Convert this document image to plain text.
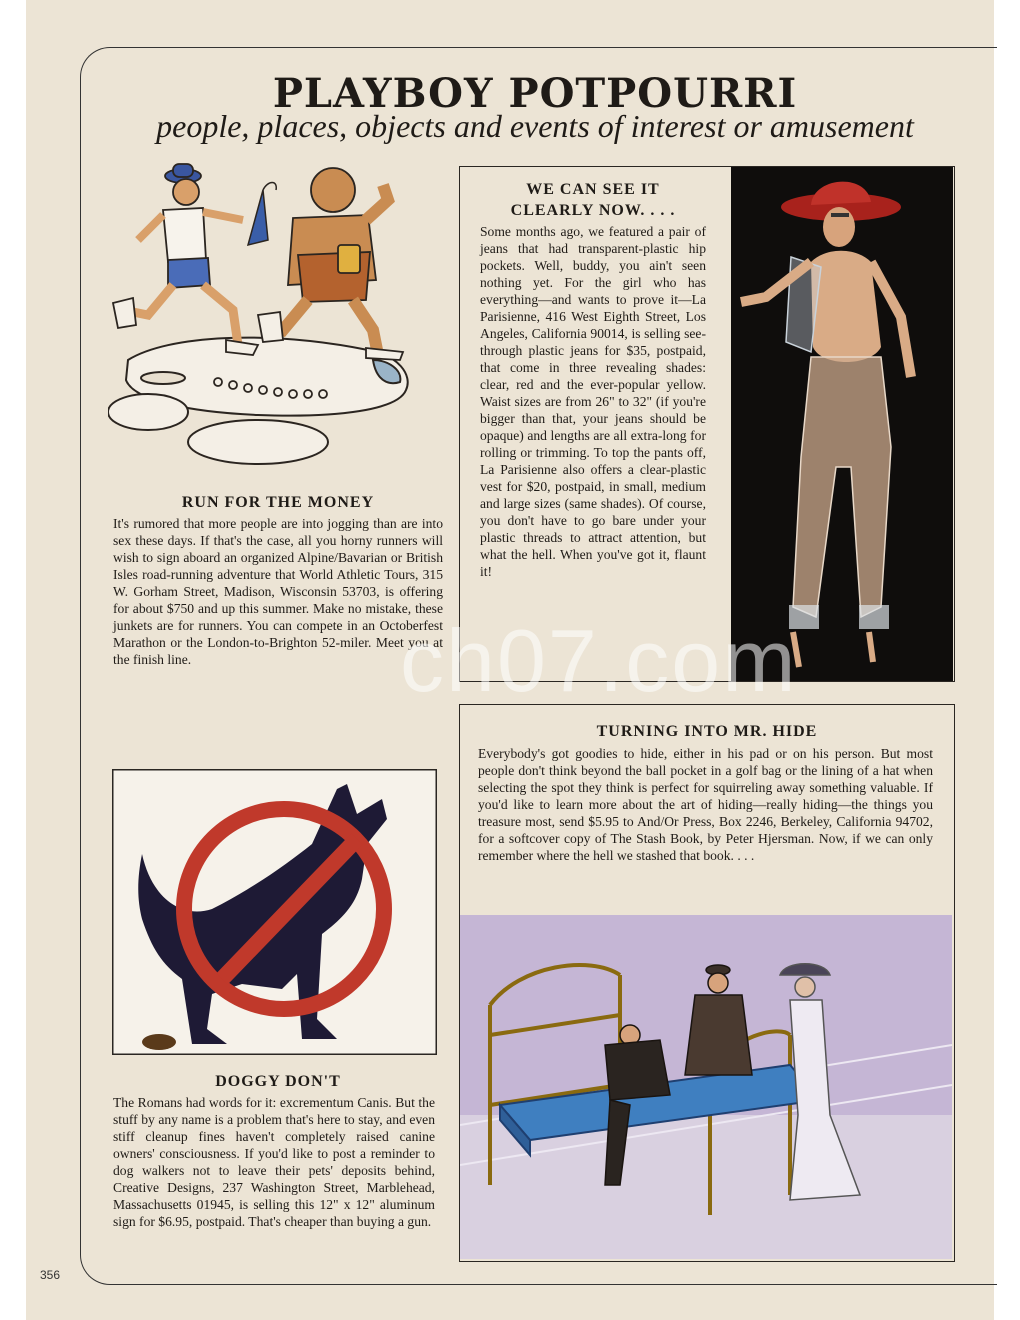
PLAYBOY POTPOURRI
people, places, objects and events of interest or amusement
RUN FOR THE MONEY
It's rumored that more people are into jogging than are into sex these days. If that's the case, all you horny runners will wish to sign aboard an organized Alpine/Bavarian or British Isles road-running adventure that World Athletic Tours, 315 W. Gorham Street, Madison, Wisconsin 53703, is offering for about $750 and up this summer. Make no mistake, these junkets are for runners. You can compete in an Octoberfest Marathon or the London-to-Brighton 52-miler. Meet you at the finish line.
WE CAN SEE IT
CLEARLY NOW. . . .
Some months ago, we featured a pair of jeans that had transparent-plastic hip pockets. Well, buddy, you ain't seen nothing yet. For the girl who has everything—and wants to prove it—La Parisienne, 416 West Eighth Street, Los Angeles, California 90014, is selling see-through plastic jeans for $35, postpaid, that come in three revealing shades: clear, red and the ever-popular yellow. Waist sizes are from 26" to 32" (if you're bigger than that, your jeans should be opaque) and lengths are all extra-long for rolling or trimming. To top the pants off, La Parisienne also offers a clear-plastic vest for $20, postpaid, in small, medium and large sizes (same shades). Of course, you don't have to go bare under your plastic threads to attract attention, but what the hell. When you've got it, flaunt it!
TURNING INTO MR. HIDE
Everybody's got goodies to hide, either in his pad or on his person. But most people don't think beyond the ball pocket in a golf bag or the lining of a hat when selecting the spot they think is perfect for squirreling away something valuable. If you'd like to learn more about the art of hiding—really hiding—the things you treasure most, send $5.95 to And/Or Press, Box 2246, Berkeley, California 94702, for a softcover copy of The Stash Book, by Peter Hjersman. Now, if we can only remember where the hell we stashed that book. . . .
DOGGY DON'T
The Romans had words for it: excrementum Canis. But the stuff by any name is a problem that's here to stay, and even stiff cleanup fines haven't completely raised canine owners' consciousness. If you'd like to post a reminder to dog walkers not to leave their pets' deposits behind, Creative Designs, 237 Washington Street, Marblehead, Massachusetts 01945, is selling this 12" x 12" aluminum sign for $6.95, postpaid. That's cheaper than buying a gun.
356
ch07.com
